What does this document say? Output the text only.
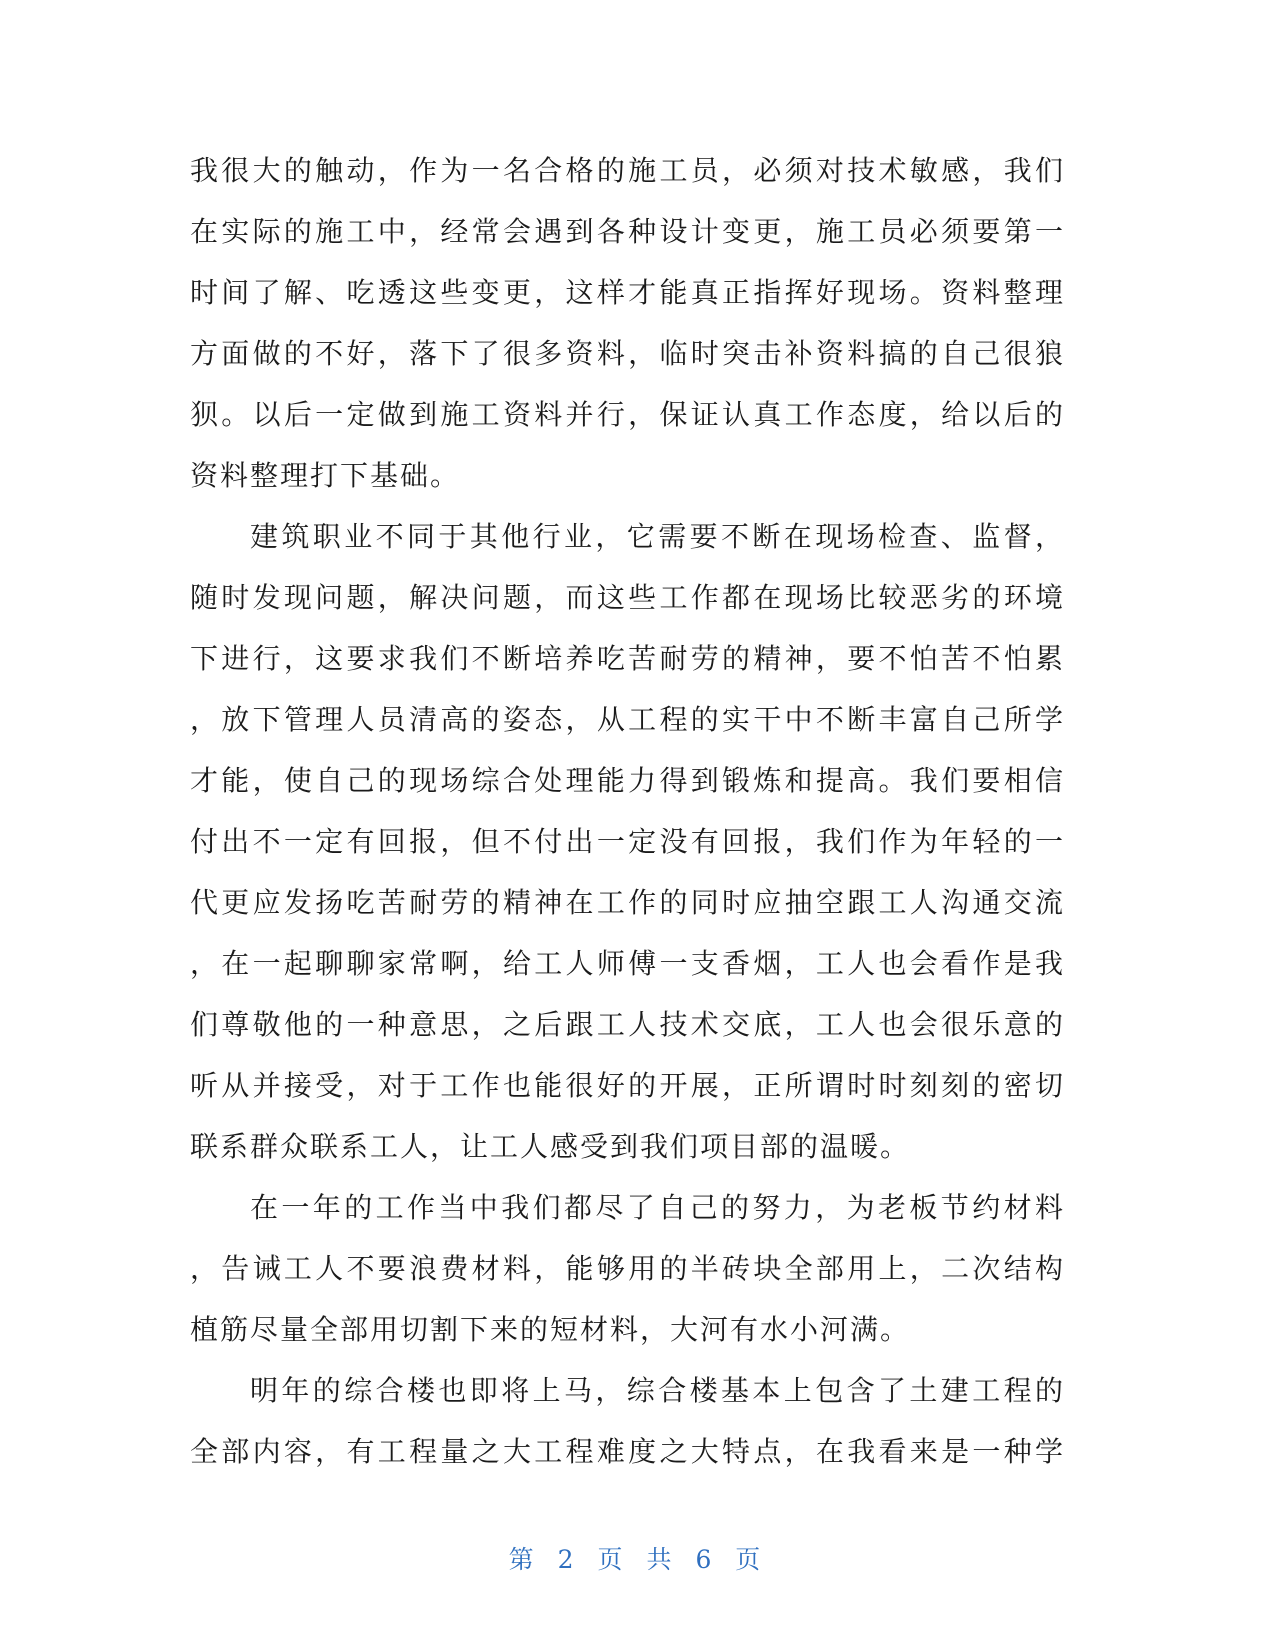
我很大的触动，作为一名合格的施工员，必须对技术敏感，我们
在实际的施工中，经常会遇到各种设计变更，施工员必须要第一
时间了解、吃透这些变更，这样才能真正指挥好现场。资料整理
方面做的不好，落下了很多资料，临时突击补资料搞的自己很狼
狈。以后一定做到施工资料并行，保证认真工作态度，给以后的
资料整理打下基础。

建筑职业不同于其他行业，它需要不断在现场检查、监督，
随时发现问题，解决问题，而这些工作都在现场比较恶劣的环境
下进行，这要求我们不断培养吃苦耐劳的精神，要不怕苦不怕累
，放下管理人员清高的姿态，从工程的实干中不断丰富自己所学
才能，使自己的现场综合处理能力得到锻炼和提高。我们要相信
付出不一定有回报，但不付出一定没有回报，我们作为年轻的一
代更应发扬吃苦耐劳的精神在工作的同时应抽空跟工人沟通交流
，在一起聊聊家常啊，给工人师傅一支香烟，工人也会看作是我
们尊敬他的一种意思，之后跟工人技术交底，工人也会很乐意的
听从并接受，对于工作也能很好的开展，正所谓时时刻刻的密切
联系群众联系工人，让工人感受到我们项目部的温暖。

在一年的工作当中我们都尽了自己的努力，为老板节约材料
，告诫工人不要浪费材料，能够用的半砖块全部用上，二次结构
植筋尽量全部用切割下来的短材料，大河有水小河满。

明年的综合楼也即将上马，综合楼基本上包含了土建工程的
全部内容，有工程量之大工程难度之大特点，在我看来是一种学

第 2 页 共 6 页
